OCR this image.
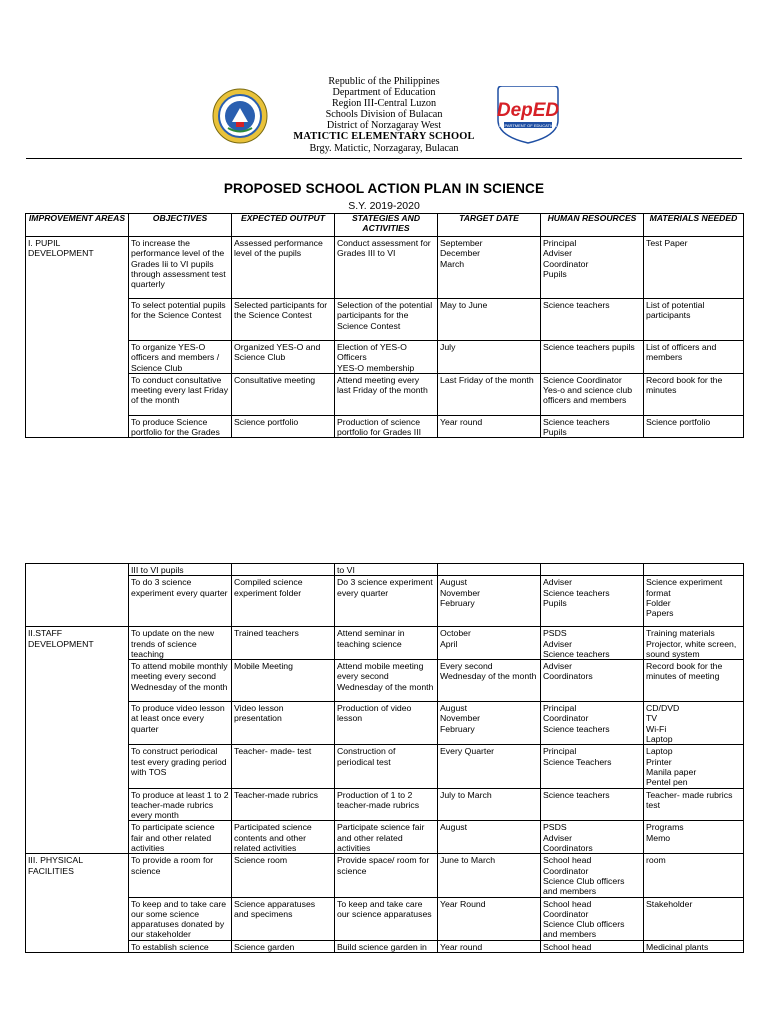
Republic of the Philippines
Department of Education
Region III-Central Luzon
Schools Division of Bulacan
District of Norzagaray West
MATICTIC ELEMENTARY SCHOOL
Brgy. Matictic, Norzagaray, Bulacan
DepED
DEPARTMENT OF EDUCATION
PROPOSED SCHOOL ACTION PLAN IN SCIENCE
S.Y. 2019-2020
IMPROVEMENT AREAS	OBJECTIVES	EXPECTED OUTPUT	STATEGIES AND ACTIVITIES	TARGET DATE	HUMAN RESOURCES	MATERIALS NEEDED
I. PUPIL DEVELOPMENT	To increase the performance level of the Grades Iii to VI pupils through assessment test quarterly	Assessed performance level of the pupils	Conduct assessment for Grades III to VI	September
December
March	Principal
Adviser
Coordinator
Pupils	Test Paper
	To select potential pupils for the Science Contest	Selected participants for the Science Contest	Selection of the potential participants for the Science Contest	May to June	Science teachers	List of potential participants
	To organize YES-O officers and members / Science Club	Organized YES-O and Science Club	Election of YES-O Officers
YES-O membership	July	Science teachers pupils	List of officers and members
	To conduct consultative meeting every last Friday of the month	Consultative meeting	Attend meeting every last Friday of the month	Last Friday of the month	Science Coordinator
Yes-o and science club officers and members	Record book for the minutes
	To produce Science portfolio for the Grades	Science portfolio	Production of science portfolio for Grades III	Year round	Science teachers
Pupils	Science portfolio
	III to VI pupils		to VI			
	To do 3 science experiment every quarter	Compiled science experiment folder	Do 3 science experiment every quarter	August
November
February	Adviser
Science teachers
Pupils	Science experiment format
Folder
Papers
II.STAFF DEVELOPMENT	To update on the new trends of science teaching	Trained teachers	Attend seminar in teaching science	October
April	PSDS
Adviser
Science teachers	Training materials Projector, white screen, sound system
	To attend mobile monthly meeting every second Wednesday of the month	Mobile Meeting	Attend mobile meeting every second Wednesday of the month	Every second Wednesday of the month	Adviser
Coordinators	Record book for the minutes of meeting
	To produce video lesson at least once every quarter	Video lesson presentation	Production of video lesson	August
November
February	Principal
Coordinator
Science teachers	CD/DVD
TV
Wi-Fi
Laptop
	To construct periodical test every grading period with TOS	Teacher- made- test	Construction of periodical test	Every Quarter	Principal
Science Teachers	Laptop
Printer
Manila paper
Pentel pen
	To produce at least 1 to 2 teacher-made rubrics every month	Teacher-made rubrics	Production of 1 to 2 teacher-made rubrics	July to March	Science teachers	Teacher- made rubrics test
	To participate science fair and other related activities	Participated science contents and other related activities	Participate science fair and other related activities	August	PSDS
Adviser
Coordinators	Programs
Memo
III. PHYSICAL FACILITIES	To provide a room for science	Science room	Provide space/ room for science	June to March	School head
Coordinator
Science Club officers and members	room
	To keep and to take care our some science apparatuses donated by our stakeholder	Science apparatuses and specimens	To keep and take care our science apparatuses	Year Round	School head
Coordinator
Science Club officers and members	Stakeholder
	To establish science	Science garden	Build science garden in	Year round	School head	Medicinal plants
